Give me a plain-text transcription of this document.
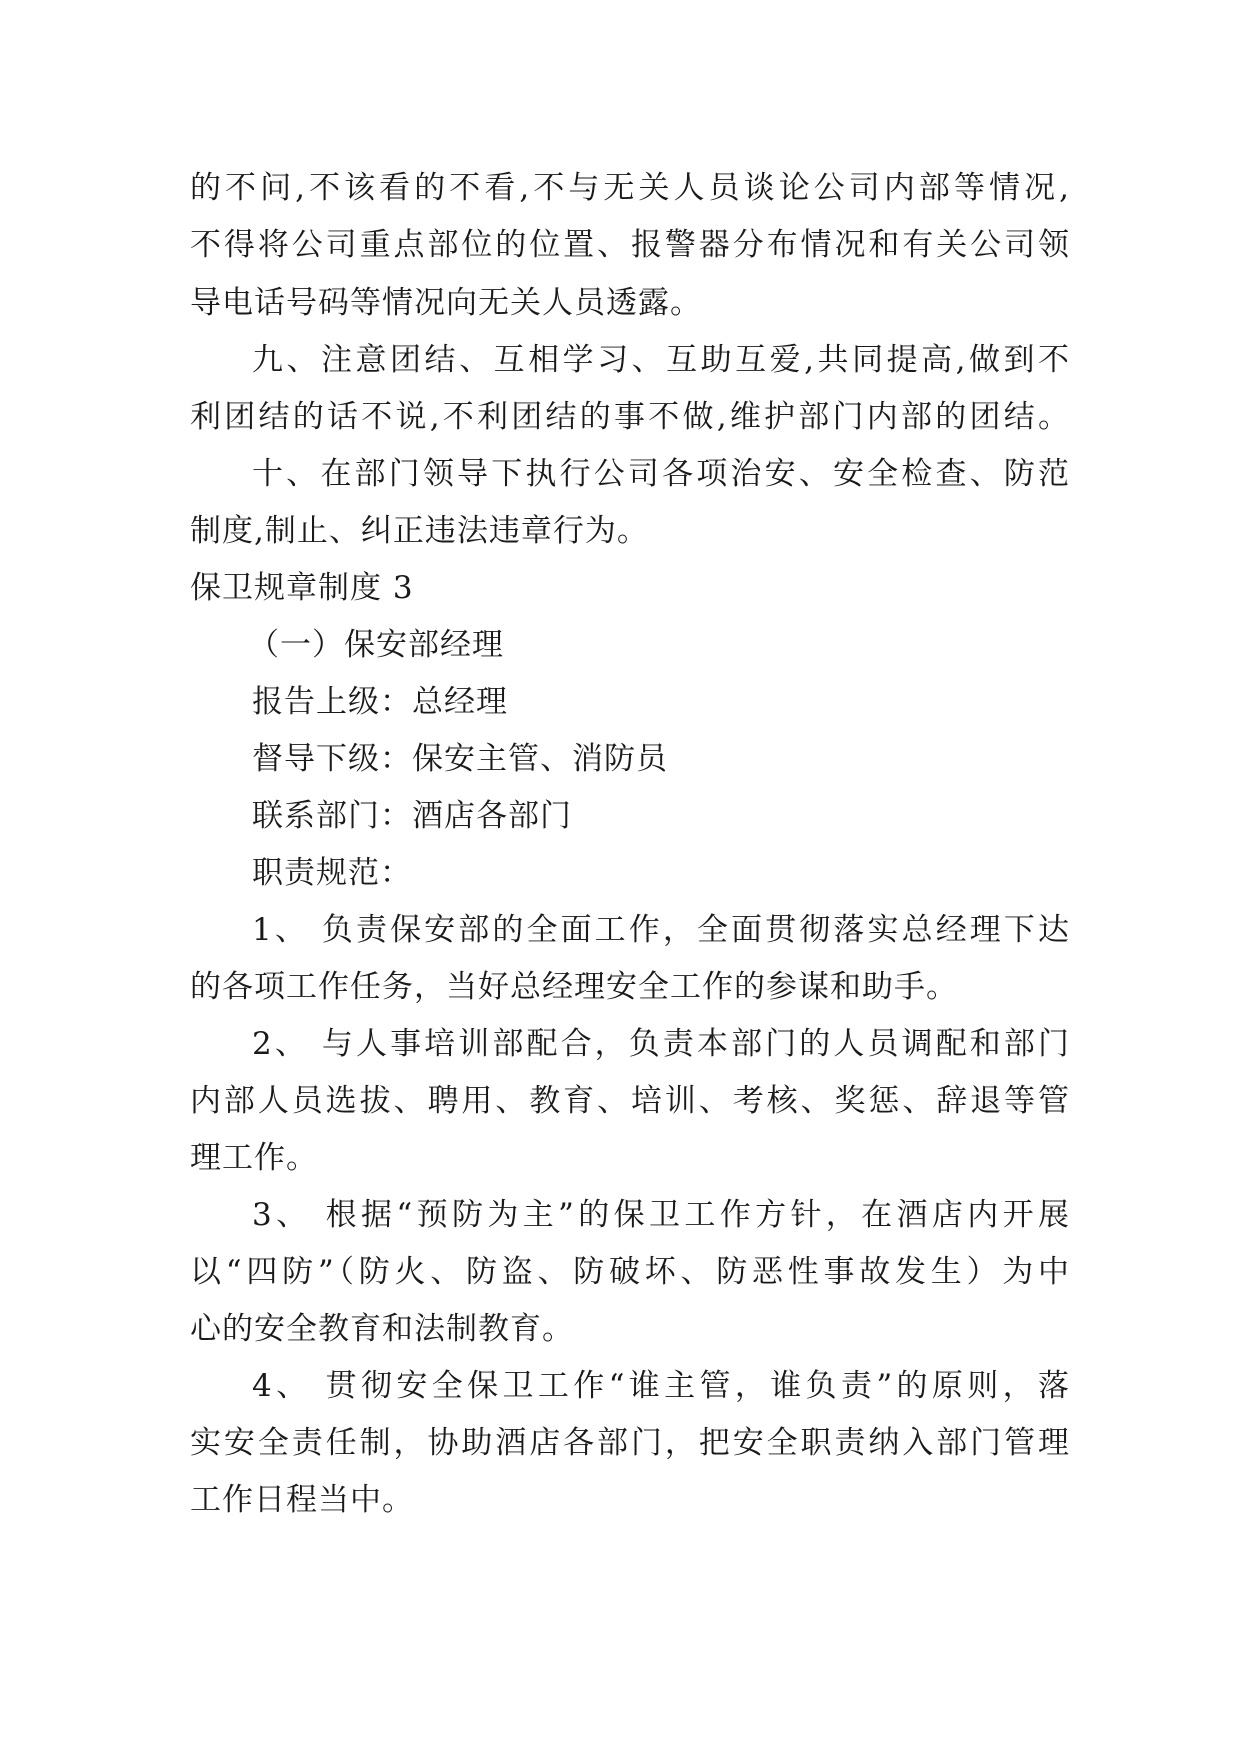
的不问,不该看的不看,不与无关人员谈论公司内部等情况,
不得将公司重点部位的位置、报警器分布情况和有关公司领
导电话号码等情况向无关人员透露。
九、注意团结、互相学习、互助互爱,共同提高,做到不
利团结的话不说,不利团结的事不做,维护部门内部的团结。
十、在部门领导下执行公司各项治安、安全检查、防范
制度,制止、纠正违法违章行为。
保卫规章制度 3
（一）保安部经理
报告上级：总经理
督导下级：保安主管、消防员
联系部门：酒店各部门
职责规范：
1、 负责保安部的全面工作，全面贯彻落实总经理下达
的各项工作任务，当好总经理安全工作的参谋和助手。
2、 与人事培训部配合，负责本部门的人员调配和部门
内部人员选拔、聘用、教育、培训、考核、奖惩、辞退等管
理工作。
3、 根据“预防为主”的保卫工作方针，在酒店内开展
以“四防”（防火、防盗、防破坏、防恶性事故发生）为中
心的安全教育和法制教育。
4、 贯彻安全保卫工作“谁主管，谁负责”的原则，落
实安全责任制，协助酒店各部门，把安全职责纳入部门管理
工作日程当中。
